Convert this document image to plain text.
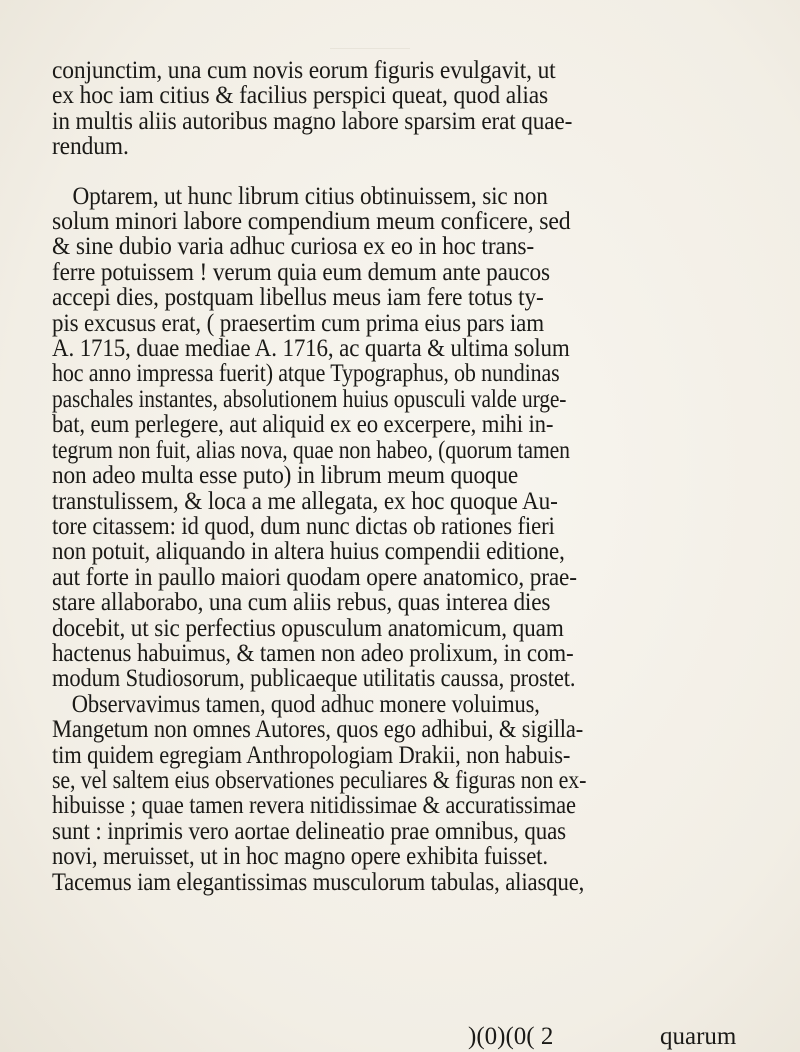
conjunctim, una cum novis eorum figuris evulgavit, ut
ex hoc iam citius & facilius perspici queat, quod alias
in multis aliis autoribus magno labore sparsim erat quae-
rendum.
Optarem, ut hunc librum citius obtinuissem, sic non
solum minori labore compendium meum conficere, sed
& sine dubio varia adhuc curiosa ex eo in hoc trans-
ferre potuissem ! verum quia eum demum ante paucos
accepi dies, postquam libellus meus iam fere totus ty-
pis excusus erat, ( praesertim cum prima eius pars iam
A. 1715, duae mediae A. 1716, ac quarta & ultima solum
hoc anno impressa fuerit) atque Typographus, ob nundinas
paschales instantes, absolutionem huius opusculi valde urge-
bat, eum perlegere, aut aliquid ex eo excerpere, mihi in-
tegrum non fuit, alias nova, quae non habeo, (quorum tamen
non adeo multa esse puto) in librum meum quoque
transtulissem, & loca a me allegata, ex hoc quoque Au-
tore citassem: id quod, dum nunc dictas ob rationes fieri
non potuit, aliquando in altera huius compendii editione,
aut forte in paullo maiori quodam opere anatomico, prae-
stare allaborabo, una cum aliis rebus, quas interea dies
docebit, ut sic perfectius opusculum anatomicum, quam
hactenus habuimus, & tamen non adeo prolixum, in com-
modum Studiosorum, publicaeque utilitatis caussa, prostet.
Observavimus tamen, quod adhuc monere voluimus,
Mangetum non omnes Autores, quos ego adhibui, & sigilla-
tim quidem egregiam Anthropologiam Drakii, non habuis-
se, vel saltem eius observationes peculiares & figuras non ex-
hibuisse ; quae tamen revera nitidissimae & accuratissimae
sunt : inprimis vero aortae delineatio prae omnibus, quas
novi, meruisset, ut in hoc magno opere exhibita fuisset.
Tacemus iam elegantissimas musculorum tabulas, aliasque,
)(0)(0( 2	quarum
